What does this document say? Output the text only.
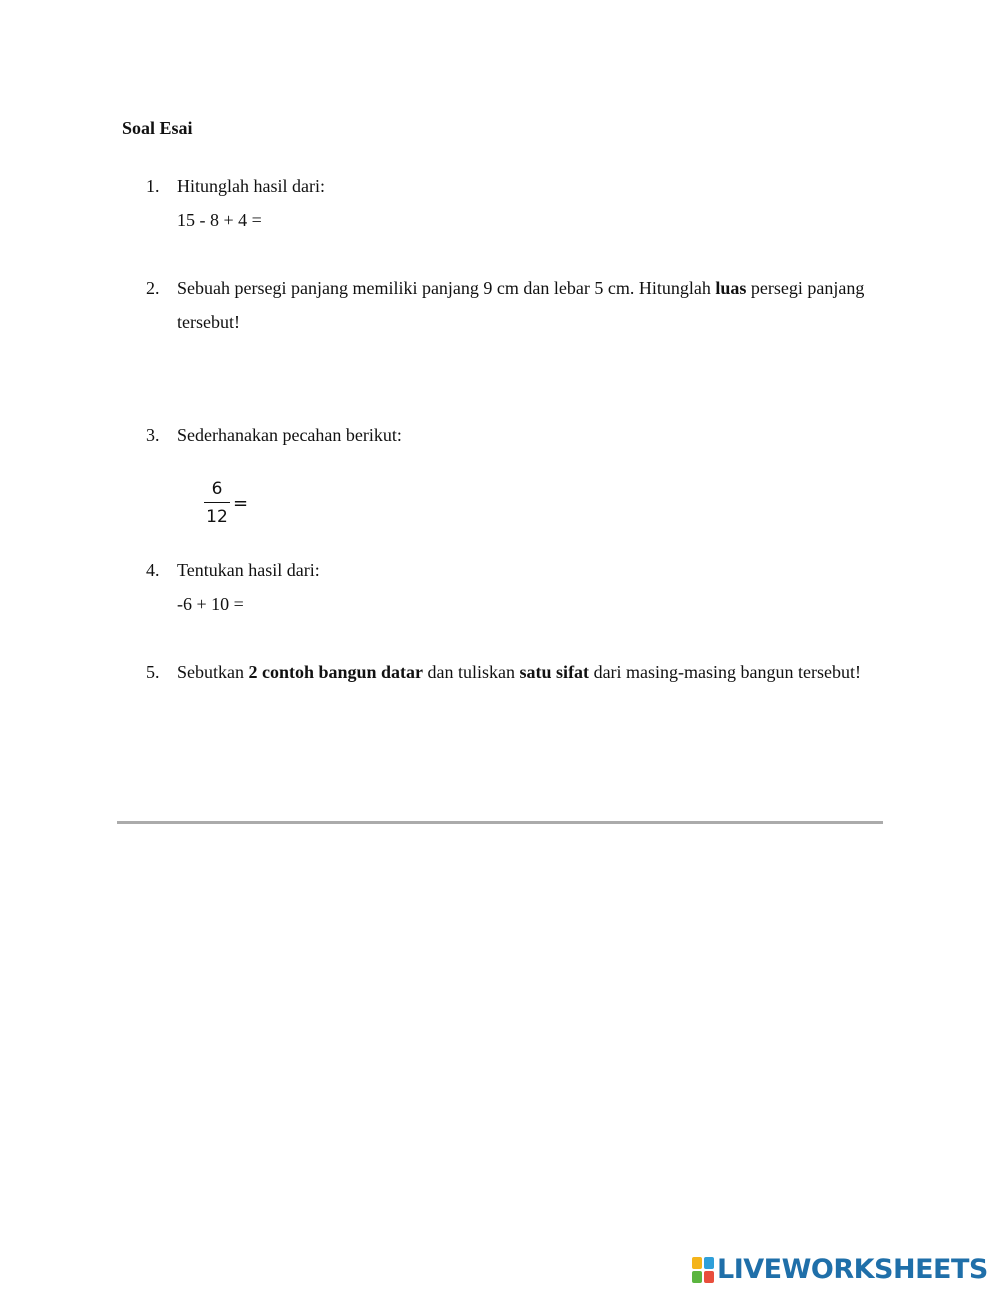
Soal Esai
1. Hitunglah hasil dari:
15 - 8 + 4 =
2. Sebuah persegi panjang memiliki panjang 9 cm dan lebar 5 cm. Hitunglah luas persegi panjang tersebut!
3. Sederhanakan pecahan berikut:
$\frac{6}{12}$ =
4. Tentukan hasil dari:
-6 + 10 =
5. Sebutkan 2 contoh bangun datar dan tuliskan satu sifat dari masing-masing bangun tersebut!
LIVEWORKSHEETS
